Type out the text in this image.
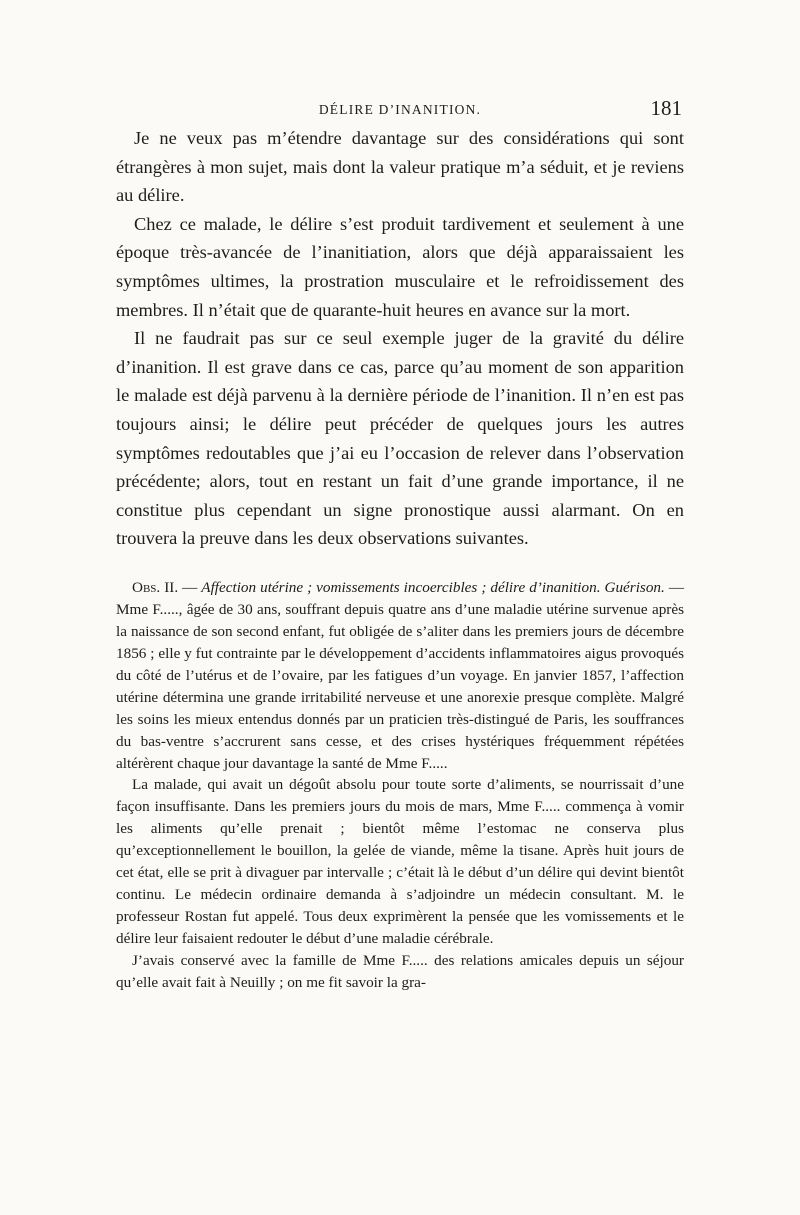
DÉLIRE D’INANITION.	181

Je ne veux pas m’étendre davantage sur des considérations qui sont étrangères à mon sujet, mais dont la valeur pratique m’a séduit, et je reviens au délire.

Chez ce malade, le délire s’est produit tardivement et seulement à une époque très-avancée de l’inanitiation, alors que déjà apparaissaient les symptômes ultimes, la prostration musculaire et le refroidissement des membres. Il n’était que de quarante-huit heures en avance sur la mort.

Il ne faudrait pas sur ce seul exemple juger de la gravité du délire d’inanition. Il est grave dans ce cas, parce qu’au moment de son apparition le malade est déjà parvenu à la dernière période de l’inanition. Il n’en est pas toujours ainsi; le délire peut précéder de quelques jours les autres symptômes redoutables que j’ai eu l’occasion de relever dans l’observation précédente; alors, tout en restant un fait d’une grande importance, il ne constitue plus cependant un signe pronostique aussi alarmant. On en trouvera la preuve dans les deux observations suivantes.

Obs. II. — Affection utérine ; vomissements incoercibles ; délire d’inanition. Guérison. — Mme F....., âgée de 30 ans, souffrant depuis quatre ans d’une maladie utérine survenue après la naissance de son second enfant, fut obligée de s’aliter dans les premiers jours de décembre 1856 ; elle y fut contrainte par le développement d’accidents inflammatoires aigus provoqués du côté de l’utérus et de l’ovaire, par les fatigues d’un voyage. En janvier 1857, l’affection utérine détermina une grande irritabilité nerveuse et une anorexie presque complète. Malgré les soins les mieux entendus donnés par un praticien très-distingué de Paris, les souffrances du bas-ventre s’accrurent sans cesse, et des crises hystériques fréquemment répétées altérèrent chaque jour davantage la santé de Mme F.....

La malade, qui avait un dégoût absolu pour toute sorte d’aliments, se nourrissait d’une façon insuffisante. Dans les premiers jours du mois de mars, Mme F..... commença à vomir les aliments qu’elle prenait ; bientôt même l’estomac ne conserva plus qu’exceptionnellement le bouillon, la gelée de viande, même la tisane. Après huit jours de cet état, elle se prit à divaguer par intervalle ; c’était là le début d’un délire qui devint bientôt continu. Le médecin ordinaire demanda à s’adjoindre un médecin consultant. M. le professeur Rostan fut appelé. Tous deux exprimèrent la pensée que les vomissements et le délire leur faisaient redouter le début d’une maladie cérébrale.

J’avais conservé avec la famille de Mme F..... des relations amicales depuis un séjour qu’elle avait fait à Neuilly ; on me fit savoir la gra-
